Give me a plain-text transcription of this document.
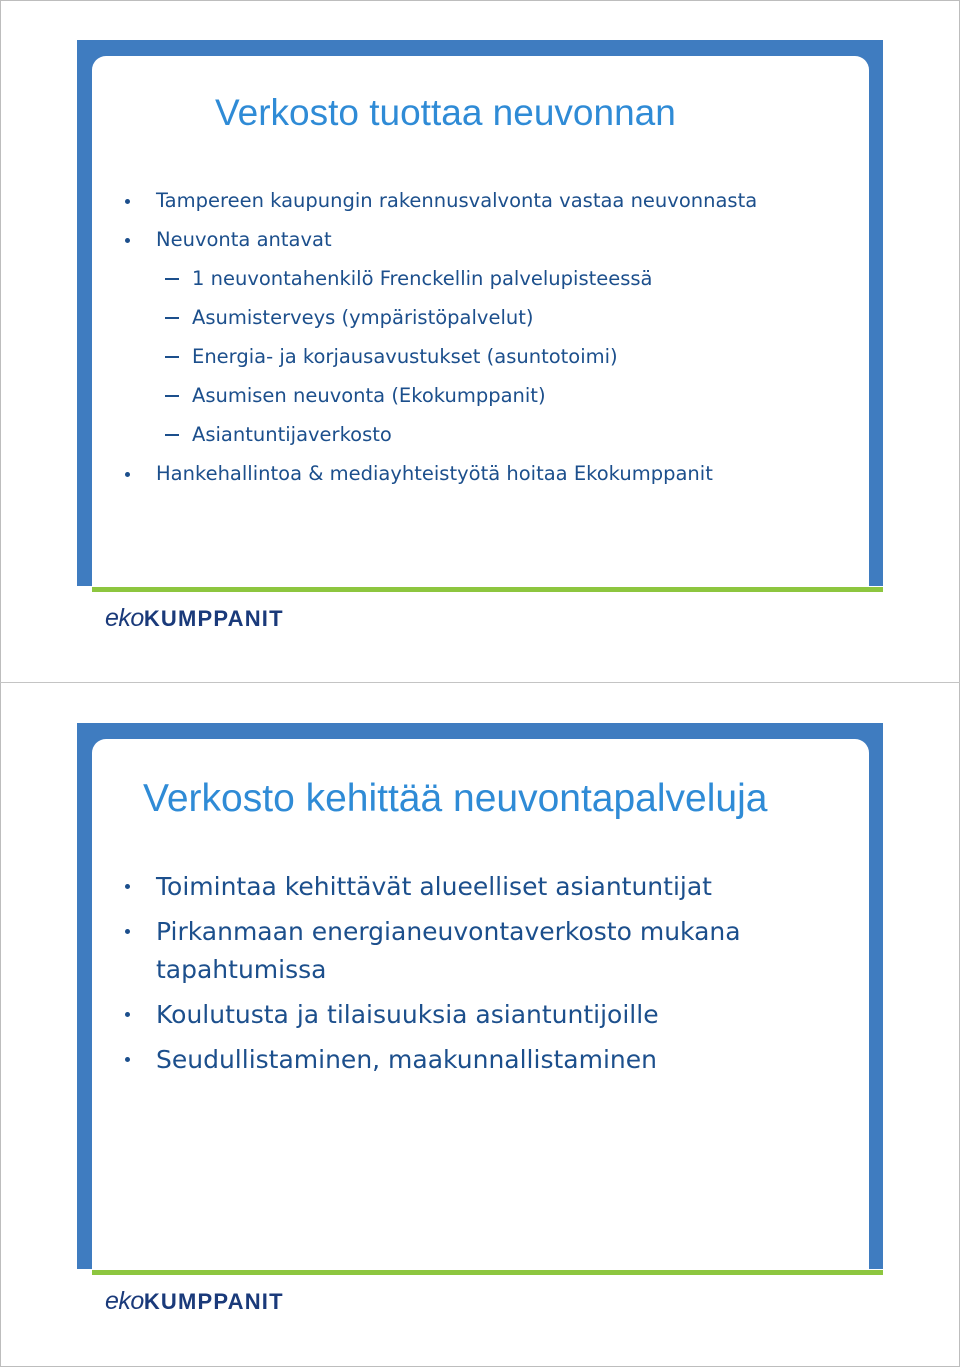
Verkosto tuottaa neuvonnan
Tampereen kaupungin rakennusvalvonta vastaa neuvonnasta
Neuvonta antavat
1 neuvontahenkilö Frenckellin palvelupisteessä
Asumisterveys (ympäristöpalvelut)
Energia- ja korjausavustukset (asuntotoimi)
Asumisen neuvonta (Ekokumppanit)
Asiantuntijaverkosto
Hankehallintoa & mediayhteistyötä hoitaa Ekokumppanit
ekoKUMPPANIT
Verkosto kehittää neuvontapalveluja
Toimintaa kehittävät alueelliset asiantuntijat
Pirkanmaan energianeuvontaverkosto mukana
tapahtumissa
Koulutusta ja tilaisuuksia asiantuntijoille
Seudullistaminen, maakunnallistaminen
ekoKUMPPANIT
